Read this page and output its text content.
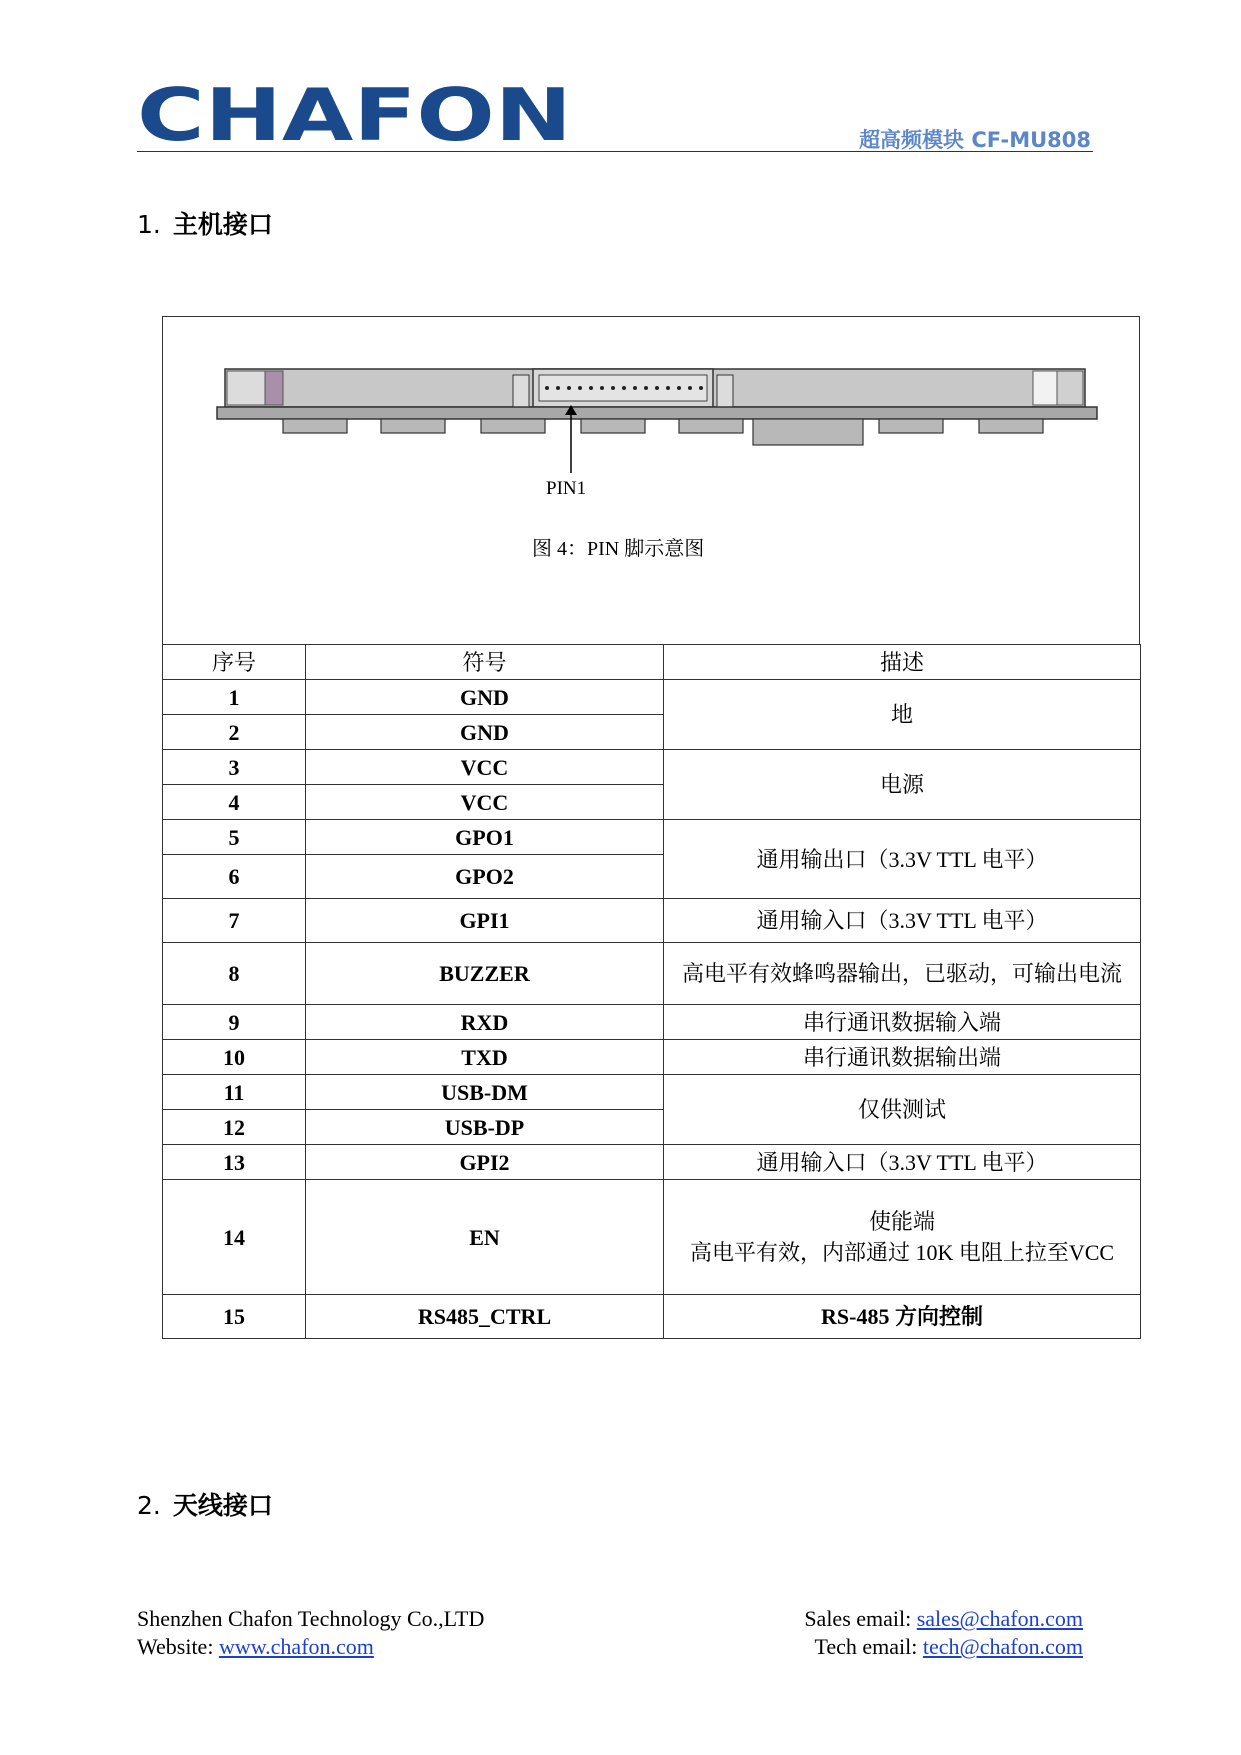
CHAFON	超高频模块 CF-MU808
1. 主机接口
PIN1
图 4：PIN 脚示意图
序号	符号	描述
1	GND	地
2	GND	
3	VCC	电源
4	VCC	
5	GPO1	通用输出口（3.3V TTL 电平）
6	GPO2	
7	GPI1	通用输入口（3.3V TTL 电平）
8	BUZZER	高电平有效蜂鸣器输出，已驱动，可输出电流
9	RXD	串行通讯数据输入端
10	TXD	串行通讯数据输出端
11	USB-DM	仅供测试
12	USB-DP	
13	GPI2	通用输入口（3.3V TTL 电平）
14	EN	使能端
高电平有效，内部通过 10K 电阻上拉至VCC

15	RS485_CTRL	RS-485 方向控制
2. 天线接口
Shenzhen Chafon Technology Co.,LTD
Website: www.chafon.com
Sales email: sales@chafon.com
Tech email: tech@chafon.com
